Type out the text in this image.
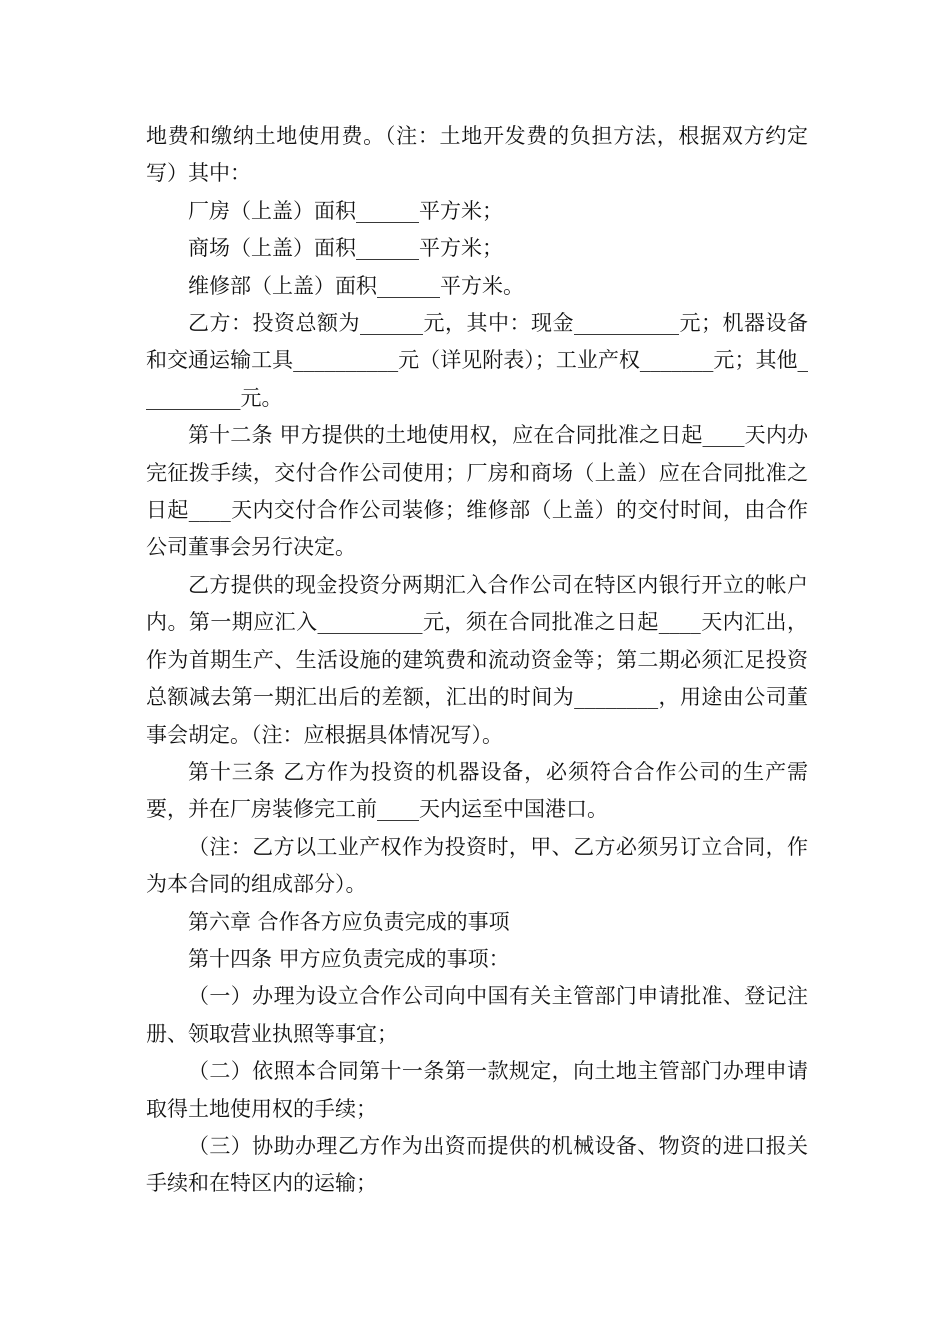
地费和缴纳土地使用费。（注：土地开发费的负担方法，根据双方约定写）其中：

厂房（上盖）面积______平方米；

商场（上盖）面积______平方米；

维修部（上盖）面积______平方米。

乙方：投资总额为______元，其中：现金__________元；机器设备和交通运输工具__________元（详见附表）；工业产权_______元；其他__________元。

第十二条 甲方提供的土地使用权，应在合同批准之日起____天内办完征拨手续，交付合作公司使用；厂房和商场（上盖）应在合同批准之日起____天内交付合作公司装修；维修部（上盖）的交付时间，由合作公司董事会另行决定。

乙方提供的现金投资分两期汇入合作公司在特区内银行开立的帐户内。第一期应汇入__________元，须在合同批准之日起____天内汇出，作为首期生产、生活设施的建筑费和流动资金等；第二期必须汇足投资总额减去第一期汇出后的差额，汇出的时间为________，用途由公司董事会胡定。（注：应根据具体情况写）。

第十三条 乙方作为投资的机器设备，必须符合合作公司的生产需要，并在厂房装修完工前____天内运至中国港口。

（注：乙方以工业产权作为投资时，甲、乙方必须另订立合同，作为本合同的组成部分）。

第六章 合作各方应负责完成的事项

第十四条 甲方应负责完成的事项：

（一）办理为设立合作公司向中国有关主管部门申请批准、登记注册、领取营业执照等事宜；

（二）依照本合同第十一条第一款规定，向土地主管部门办理申请取得土地使用权的手续；

（三）协助办理乙方作为出资而提供的机械设备、物资的进口报关手续和在特区内的运输；
